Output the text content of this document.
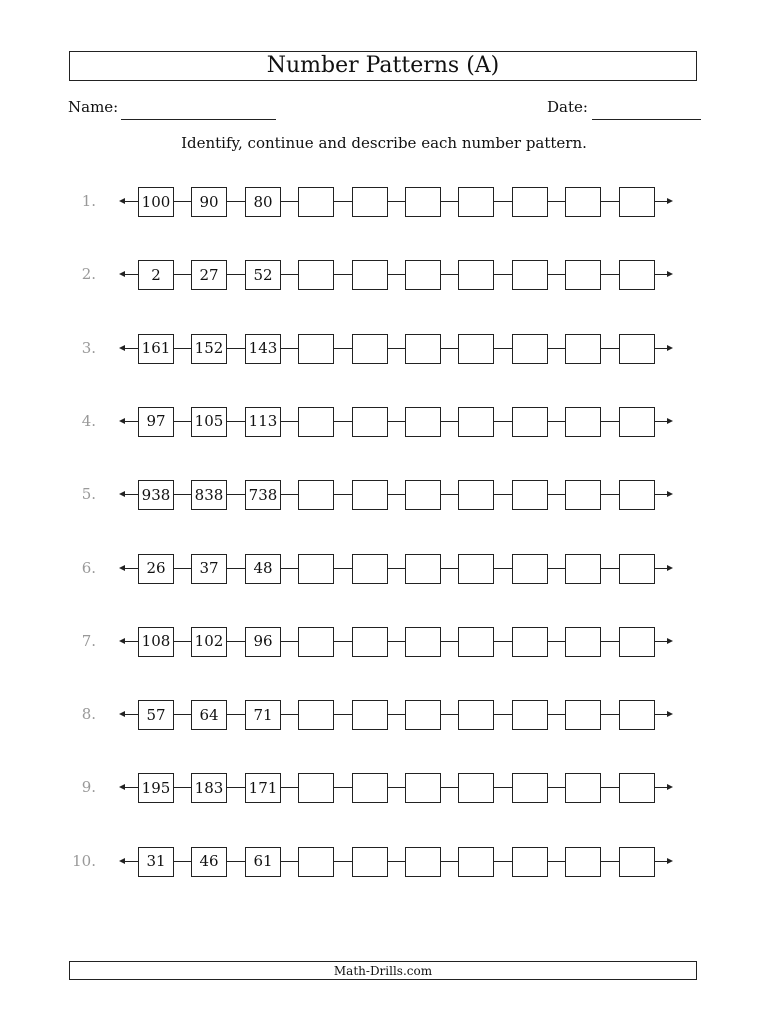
Number Patterns (A)
Name:	Date:
Identify, continue and describe each number pattern.
1.	100	90	80
2.	2	27	52
3.	161 152 143
4.	97	105 113
5.	938 838 738
6.	26	37	48
7.	108 102	96
8.	57	64	71
9.	195 183 171
10.	31	46	61
Math-Drills.com
